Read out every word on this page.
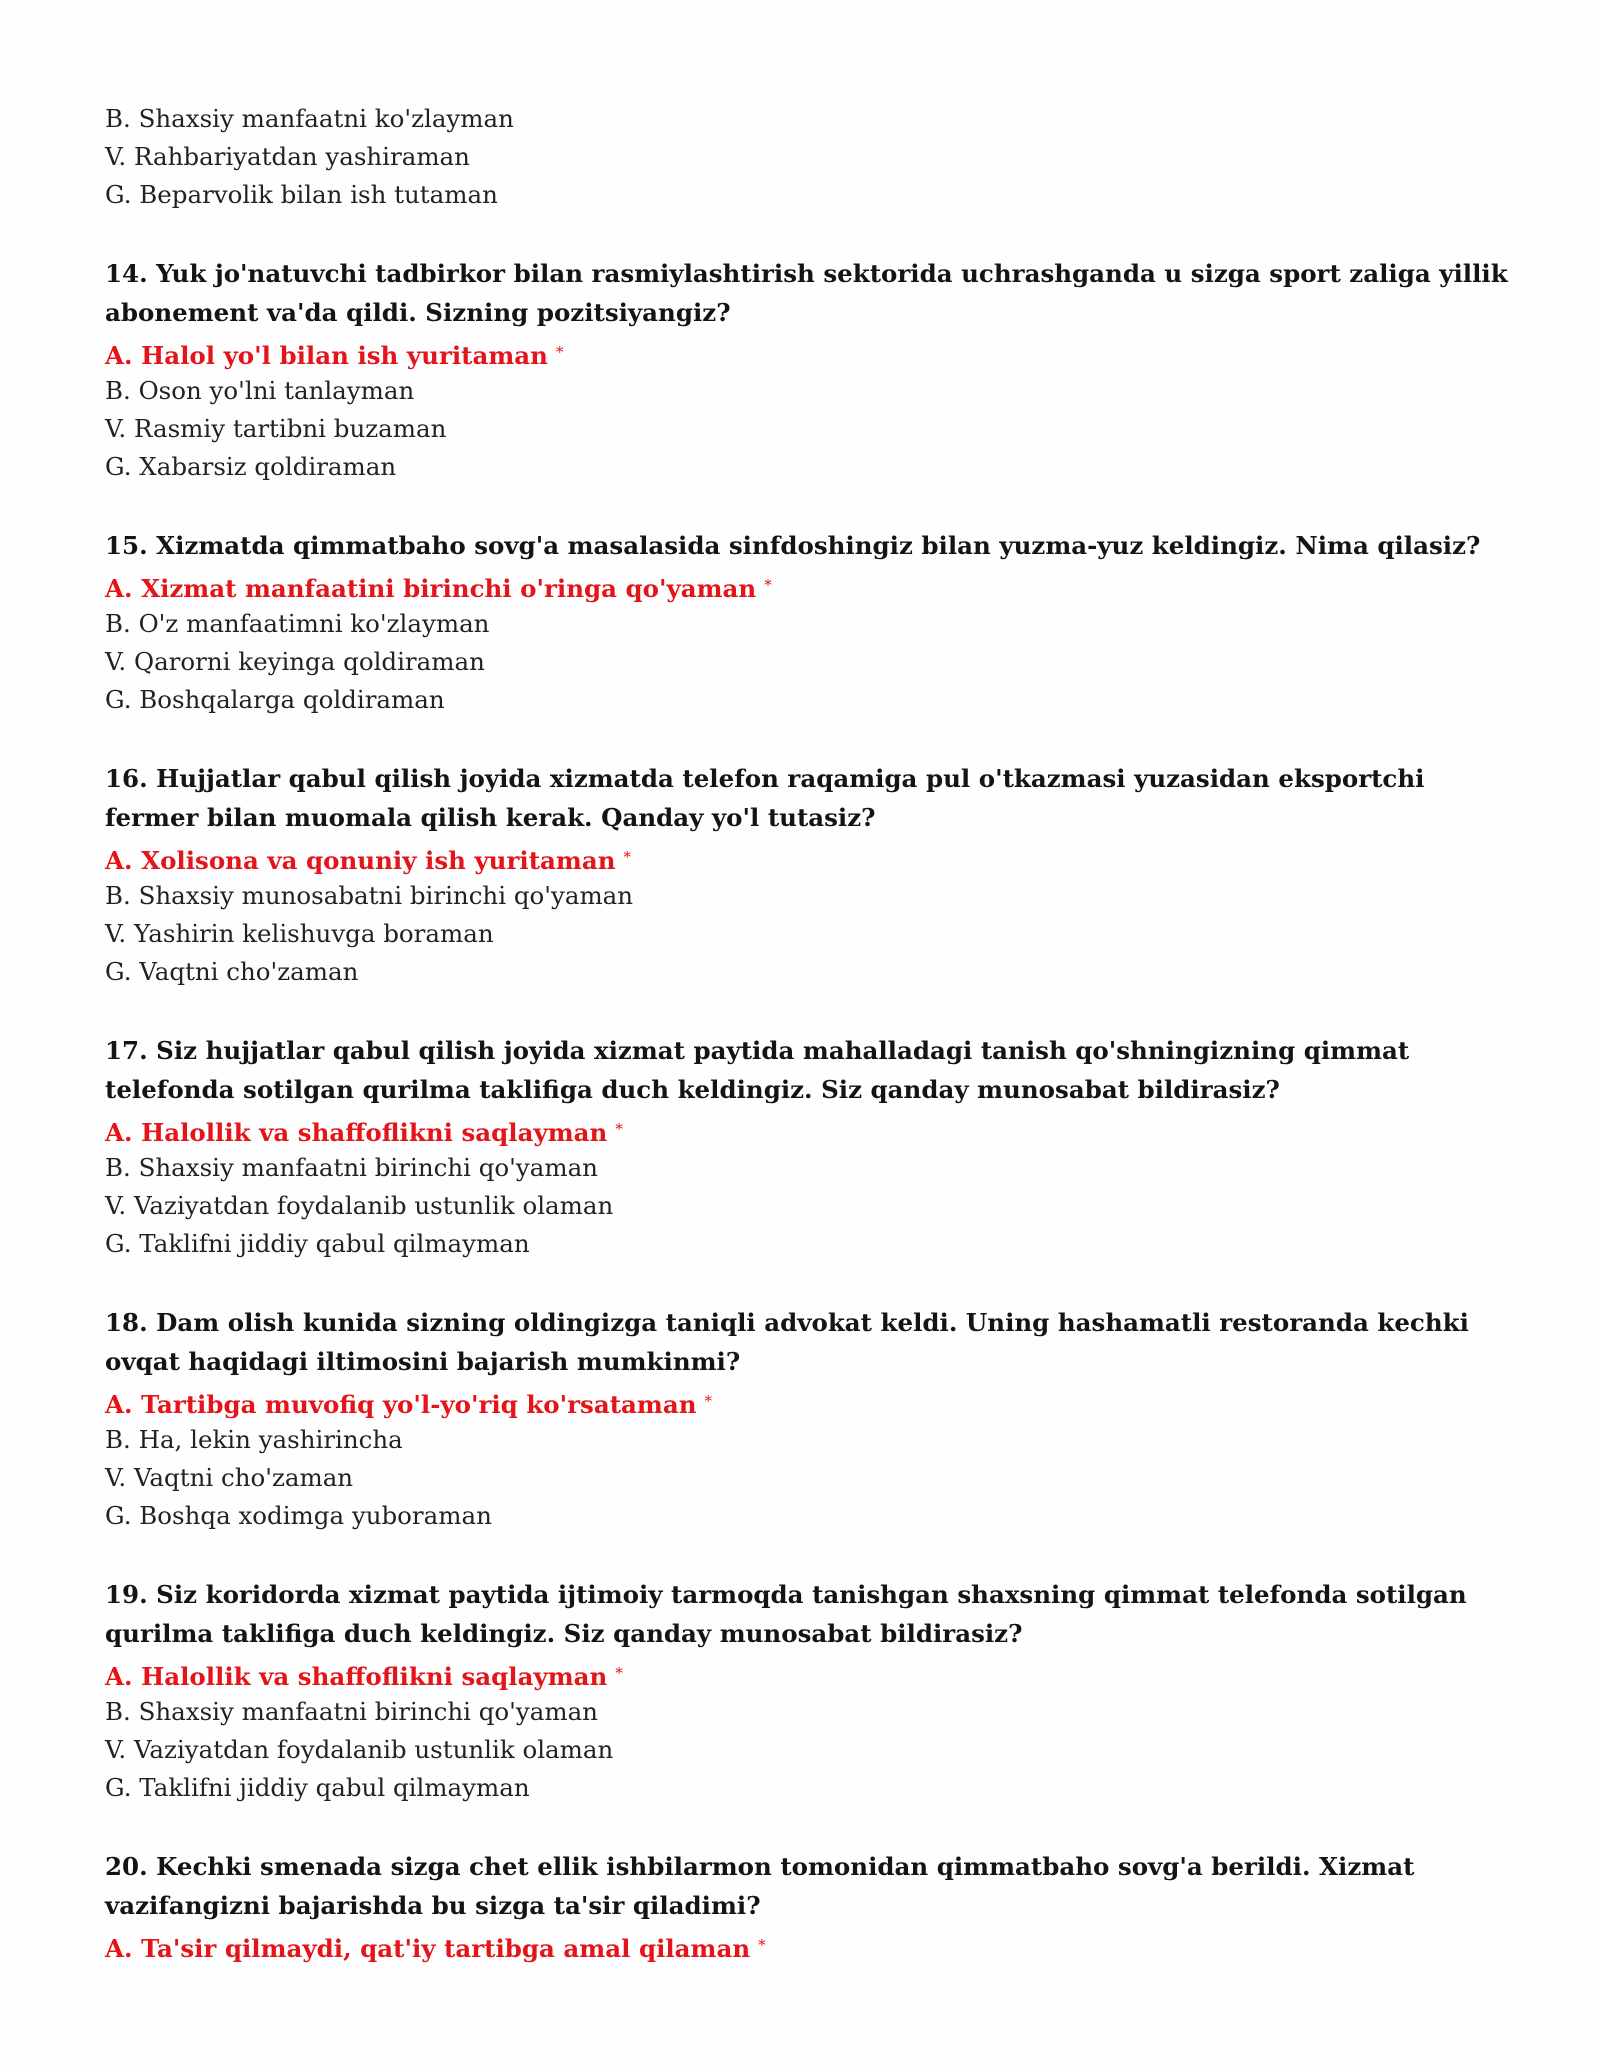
B. Shaxsiy manfaatni ko'zlayman
V. Rahbariyatdan yashiraman
G. Beparvolik bilan ish tutaman
14. Yuk jo'natuvchi tadbirkor bilan rasmiylashtirish sektorida uchrashganda u sizga sport zaliga yillik abonement va'da qildi. Sizning pozitsiyangiz?
A. Halol yo'l bilan ish yuritaman *
B. Oson yo'lni tanlayman
V. Rasmiy tartibni buzaman
G. Xabarsiz qoldiraman
15. Xizmatda qimmatbaho sovg'a masalasida sinfdoshingiz bilan yuzma-yuz keldingiz. Nima qilasiz?
A. Xizmat manfaatini birinchi o'ringa qo'yaman *
B. O'z manfaatimni ko'zlayman
V. Qarorni keyinga qoldiraman
G. Boshqalarga qoldiraman
16. Hujjatlar qabul qilish joyida xizmatda telefon raqamiga pul o'tkazmasi yuzasidan eksportchi fermer bilan muomala qilish kerak. Qanday yo'l tutasiz?
A. Xolisona va qonuniy ish yuritaman *
B. Shaxsiy munosabatni birinchi qo'yaman
V. Yashirin kelishuvga boraman
G. Vaqtni cho'zaman
17. Siz hujjatlar qabul qilish joyida xizmat paytida mahalladagi tanish qo'shningizning qimmat telefonda sotilgan qurilma taklifiga duch keldingiz. Siz qanday munosabat bildirasiz?
A. Halollik va shaffoflikni saqlayman *
B. Shaxsiy manfaatni birinchi qo'yaman
V. Vaziyatdan foydalanib ustunlik olaman
G. Taklifni jiddiy qabul qilmayman
18. Dam olish kunida sizning oldingizga taniqli advokat keldi. Uning hashamatli restoranda kechki ovqat haqidagi iltimosini bajarish mumkinmi?
A. Tartibga muvofiq yo'l-yo'riq ko'rsataman *
B. Ha, lekin yashirincha
V. Vaqtni cho'zaman
G. Boshqa xodimga yuboraman
19. Siz koridorda xizmat paytida ijtimoiy tarmoqda tanishgan shaxsning qimmat telefonda sotilgan qurilma taklifiga duch keldingiz. Siz qanday munosabat bildirasiz?
A. Halollik va shaffoflikni saqlayman *
B. Shaxsiy manfaatni birinchi qo'yaman
V. Vaziyatdan foydalanib ustunlik olaman
G. Taklifni jiddiy qabul qilmayman
20. Kechki smenada sizga chet ellik ishbilarmon tomonidan qimmatbaho sovg'a berildi. Xizmat vazifangizni bajarishda bu sizga ta'sir qiladimi?
A. Ta'sir qilmaydi, qat'iy tartibga amal qilaman *
